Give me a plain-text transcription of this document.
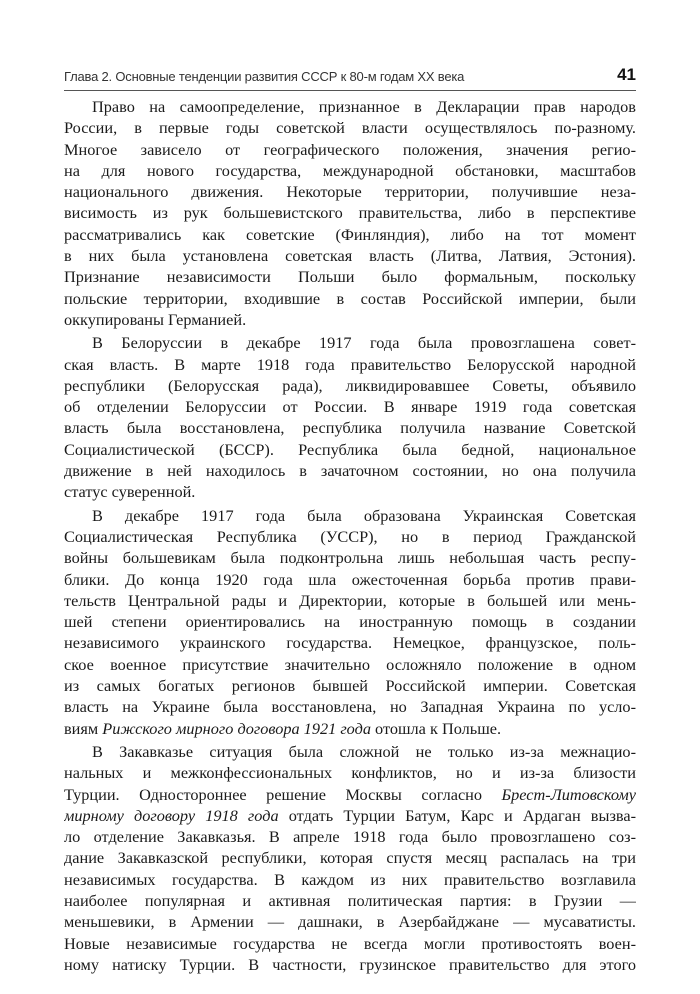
Глава 2. Основные тенденции развития СССР к 80-м годам XX века	41
Право на самоопределение, признанное в Декларации прав народов
России, в первые годы советской власти осуществлялось по-разному.
Многое зависело от географического положения, значения регио-
на для нового государства, международной обстановки, масштабов
национального движения. Некоторые территории, получившие неза-
висимость из рук большевистского правительства, либо в перспективе
рассматривались как советские (Финляндия), либо на тот момент
в них была установлена советская власть (Литва, Латвия, Эстония).
Признание независимости Польши было формальным, поскольку
польские территории, входившие в состав Российской империи, были
оккупированы Германией.
В Белоруссии в декабре 1917 года была провозглашена совет-
ская власть. В марте 1918 года правительство Белорусской народной
республики (Белорусская рада), ликвидировавшее Советы, объявило
об отделении Белоруссии от России. В январе 1919 года советская
власть была восстановлена, республика получила название Советской
Социалистической (БССР). Республика была бедной, национальное
движение в ней находилось в зачаточном состоянии, но она получила
статус суверенной.
В декабре 1917 года была образована Украинская Советская
Социалистическая Республика (УССР), но в период Гражданской
войны большевикам была подконтрольна лишь небольшая часть респу-
блики. До конца 1920 года шла ожесточенная борьба против прави-
тельств Центральной рады и Директории, которые в большей или мень-
шей степени ориентировались на иностранную помощь в создании
независимого украинского государства. Немецкое, французское, поль-
ское военное присутствие значительно осложняло положение в одном
из самых богатых регионов бывшей Российской империи. Советская
власть на Украине была восстановлена, но Западная Украина по усло-
виям Рижского мирного договора 1921 года отошла к Польше.
В Закавказье ситуация была сложной не только из-за межнацио-
нальных и межконфессиональных конфликтов, но и из-за близости
Турции. Одностороннее решение Москвы согласно Брест-Литовскому
мирному договору 1918 года отдать Турции Батум, Карс и Ардаган вызва-
ло отделение Закавказья. В апреле 1918 года было провозглашено соз-
дание Закавказской республики, которая спустя месяц распалась на три
независимых государства. В каждом из них правительство возглавила
наиболее популярная и активная политическая партия: в Грузии —
меньшевики, в Армении — дашнаки, в Азербайджане — мусаватисты.
Новые независимые государства не всегда могли противостоять воен-
ному натиску Турции. В частности, грузинское правительство для этого
